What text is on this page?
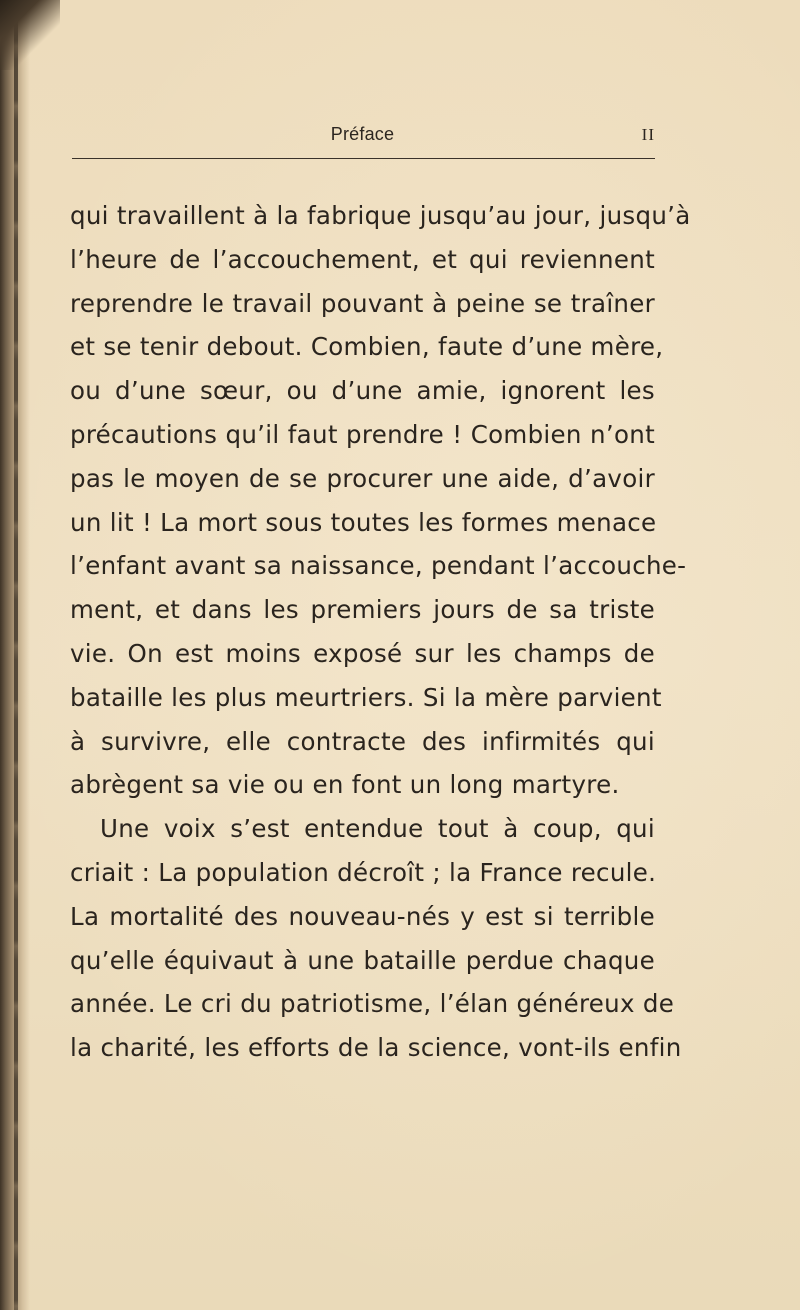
Préface	II
qui travaillent à la fabrique jusqu’au jour, jusqu’à
l’heure de l’accouchement, et qui reviennent
reprendre le travail pouvant à peine se traîner
et se tenir debout. Combien, faute d’une mère,
ou d’une sœur, ou d’une amie, ignorent les
précautions qu’il faut prendre ! Combien n’ont
pas le moyen de se procurer une aide, d’avoir
un lit ! La mort sous toutes les formes menace
l’enfant avant sa naissance, pendant l’accouche-
ment, et dans les premiers jours de sa triste
vie. On est moins exposé sur les champs de
bataille les plus meurtriers. Si la mère parvient
à survivre, elle contracte des infirmités qui
abrègent sa vie ou en font un long martyre.
Une voix s’est entendue tout à coup, qui
criait : La population décroît ; la France recule.
La mortalité des nouveau-nés y est si terrible
qu’elle équivaut à une bataille perdue chaque
année. Le cri du patriotisme, l’élan généreux de
la charité, les efforts de la science, vont-ils enfin
